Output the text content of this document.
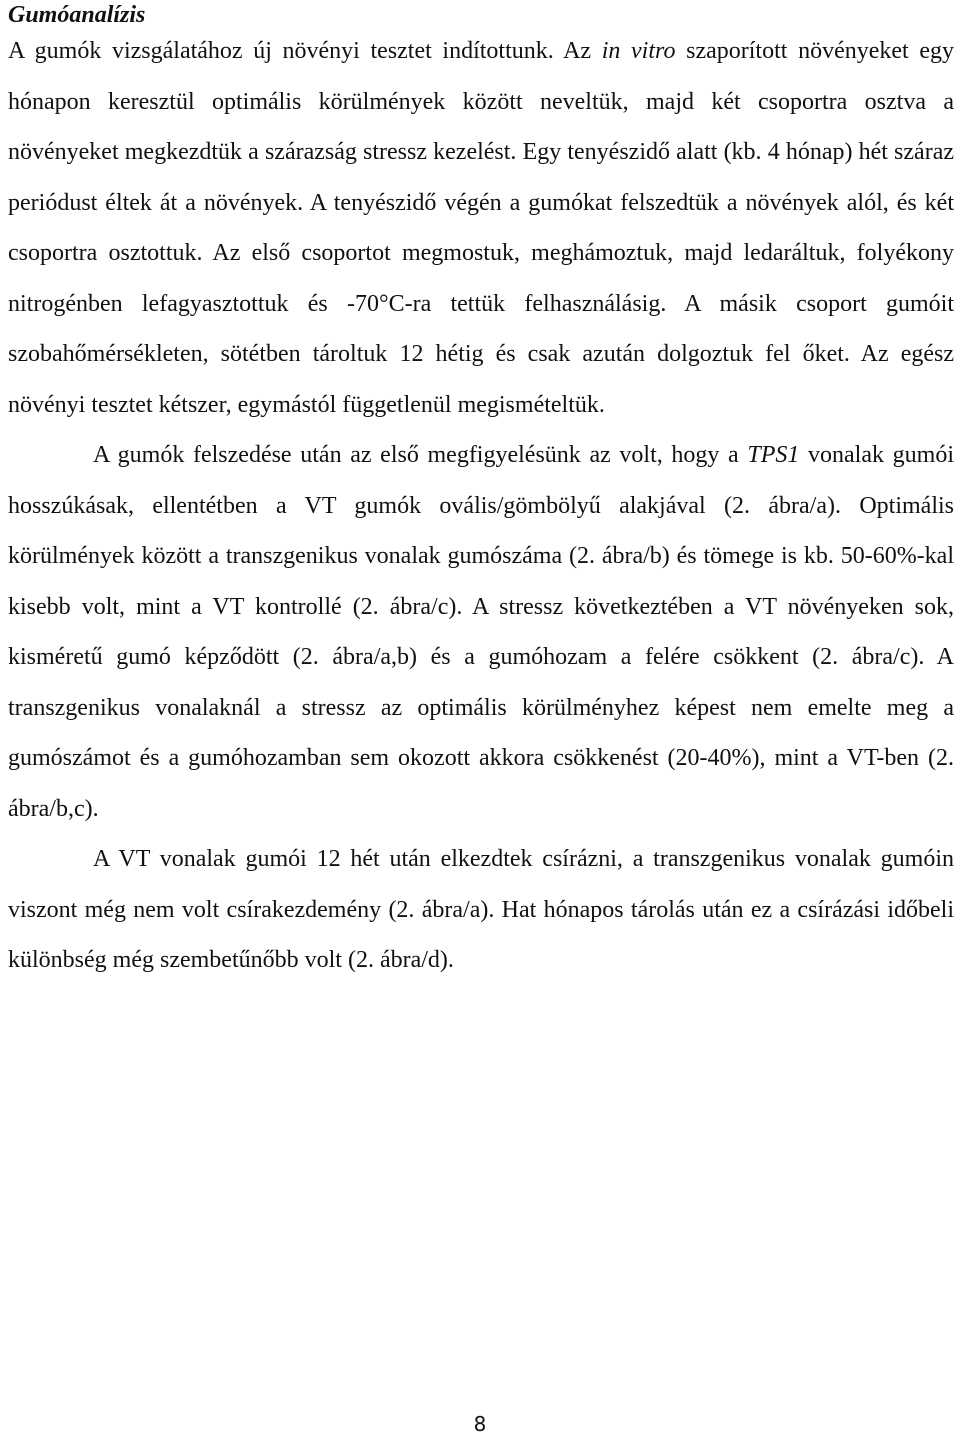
Gumóanalízis

A gumók vizsgálatához új növényi tesztet indítottunk. Az in vitro szaporított növényeket egy hónapon keresztül optimális körülmények között neveltük, majd két csoportra osztva a növényeket megkezdtük a szárazság stressz kezelést. Egy tenyészidő alatt (kb. 4 hónap) hét száraz periódust éltek át a növények. A tenyészidő végén a gumókat felszedtük a növények alól, és két csoportra osztottuk. Az első csoportot megmostuk, meghámoztuk, majd ledaráltuk, folyékony nitrogénben lefagyasztottuk és -70°C-ra tettük felhasználásig. A másik csoport gumóit szobahőmérsékleten, sötétben tároltuk 12 hétig és csak azután dolgoztuk fel őket. Az egész növényi tesztet kétszer, egymástól függetlenül megismételtük.

A gumók felszedése után az első megfigyelésünk az volt, hogy a TPS1 vonalak gumói hosszúkásak, ellentétben a VT gumók ovális/gömbölyű alakjával (2. ábra/a). Optimális körülmények között a transzgenikus vonalak gumószáma (2. ábra/b) és tömege is kb. 50-60%-kal kisebb volt, mint a VT kontrollé (2. ábra/c). A stressz következtében a VT növényeken sok, kisméretű gumó képződött (2. ábra/a,b) és a gumóhozam a felére csökkent (2. ábra/c). A transzgenikus vonalaknál a stressz az optimális körülményhez képest nem emelte meg a gumószámot és a gumóhozamban sem okozott akkora csökkenést (20-40%), mint a VT-ben (2. ábra/b,c).

A VT vonalak gumói 12 hét után elkezdtek csírázni, a transzgenikus vonalak gumóin viszont még nem volt csírakezdemény (2. ábra/a). Hat hónapos tárolás után ez a csírázási időbeli különbség még szembetűnőbb volt (2. ábra/d).

8
